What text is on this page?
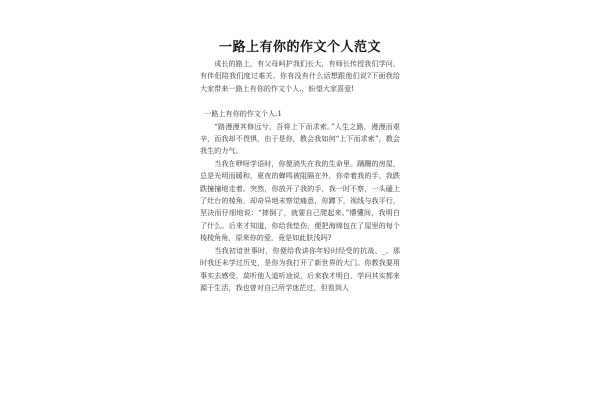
一路上有你的作文个人范文

成长的路上，有父母呵护我们长大，有师长传授我们学问，有伴侣陪我们度过难关。你有没有什么话想跟他们说?下面我给大家带来一路上有你的作文个人.，盼望大家喜爱!

一路上有你的作文个人.1

“路漫漫其修远兮，吾将上下而求索。”人生之路，漫漫而艰辛，而我却不畏惧，由于是你，教会我如何“上下而求索”，教会我生的力气。

当我在咿呀学语时，你便淌失在我的生命里。蹒跚的房屋，总是光明而暖和，夏夜的蝉鸣被阻隔在外，你牵着我的手，我跌跌撞撞地走着。突然，你放开了我的手，我一时不察，一头磕上了灶台的棱角，却奇异地未察觉痛意，你蹲下，视线与我平行，坚决而仔细地说：“摔倒了，就要自己爬起来。”懵懂间，我明白了什么。后来才知道，你给我垫伤，便把海绵包在了屋里的每个棱棱角角，原来你的爱，竟是如此肤浅吗?

当我初谙世事时，你便给我讲你年轻时经受的抗战、_、那时我还未学过历史，是你为我打开了新世界的大门。你教我要用事实去感受，莫听他人道听途说，后来我才明白，学问其实都来源于生活，我也曾对自己所学迷茫过，但看到人
